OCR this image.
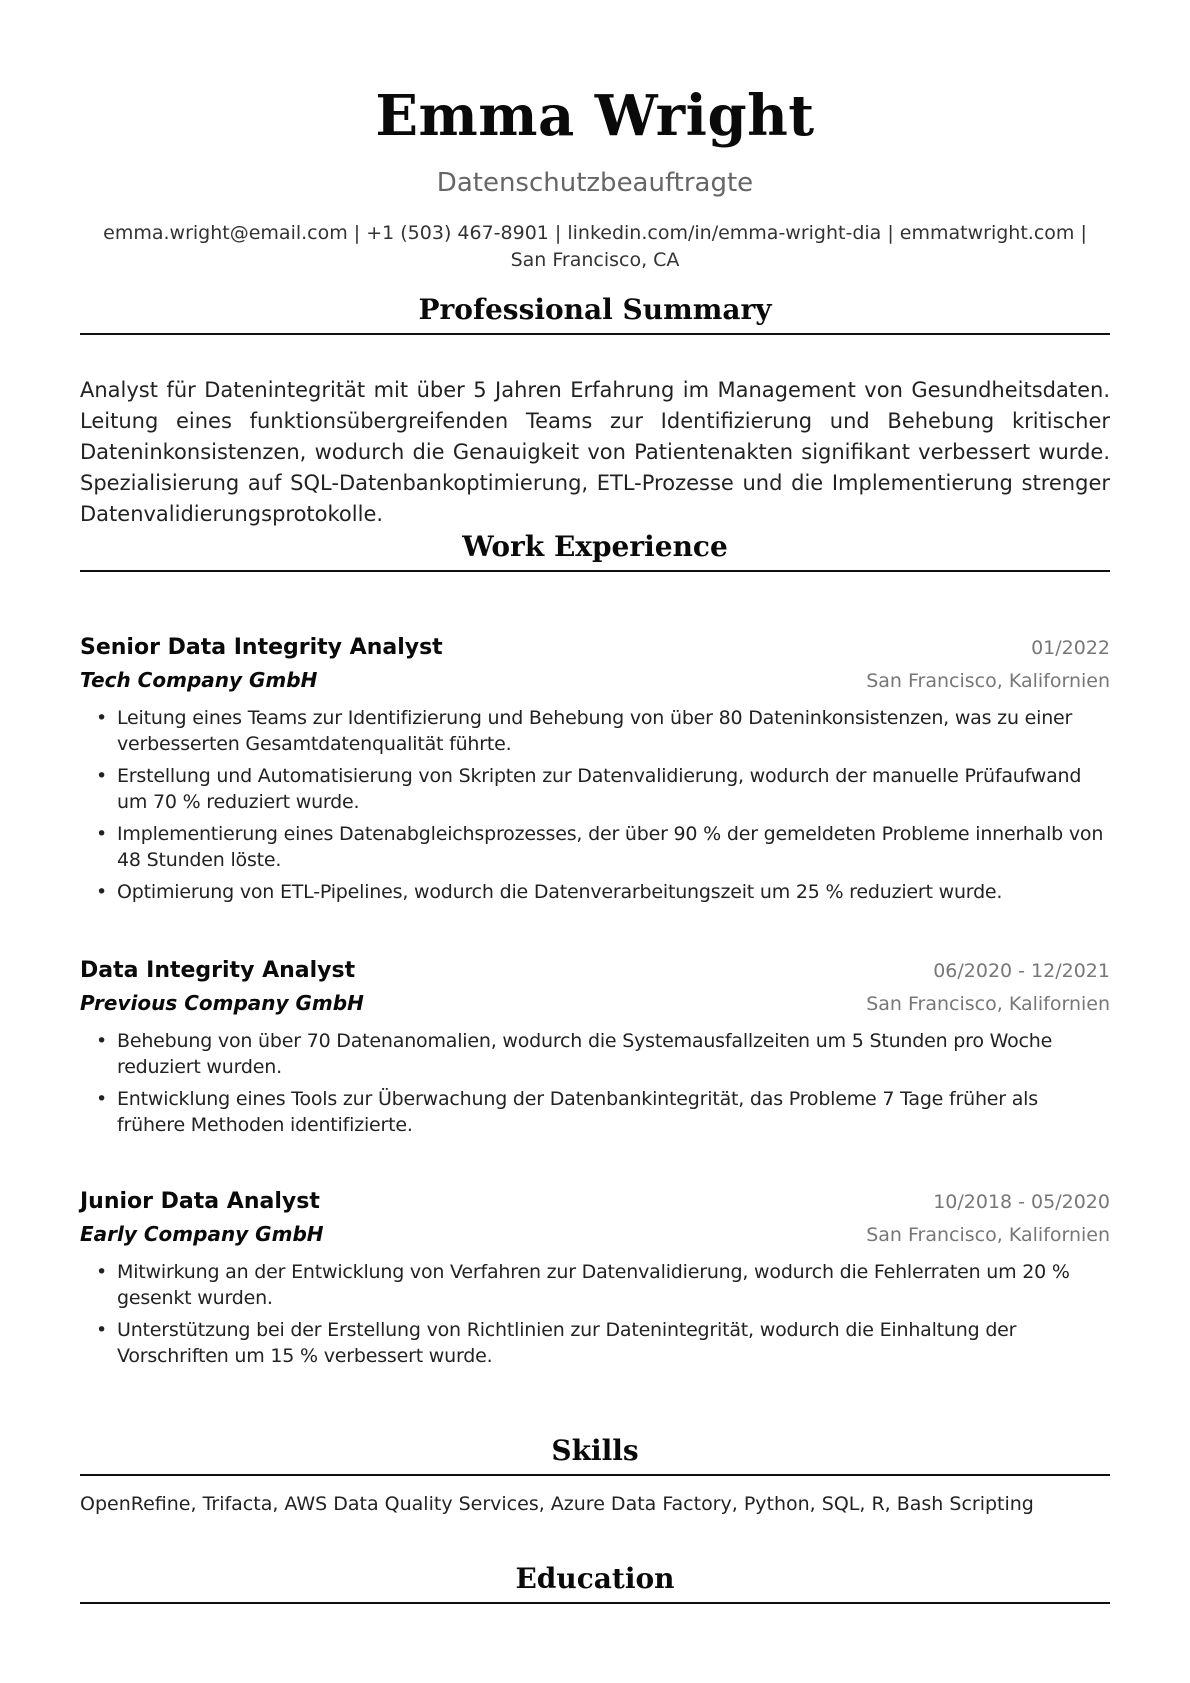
Emma Wright
Datenschutzbeauftragte
emma.wright@email.com | +1 (503) 467-8901 | linkedin.com/in/emma-wright-dia | emmatwright.com | San Francisco, CA
Professional Summary

Analyst für Datenintegrität mit über 5 Jahren Erfahrung im Management von Gesundheitsdaten. Leitung eines funktionsübergreifenden Teams zur Identifizierung und Behebung kritischer Dateninkonsistenzen, wodurch die Genauigkeit von Patientenakten signifikant verbessert wurde. Spezialisierung auf SQL-Datenbankoptimierung, ETL-Prozesse und die Implementierung strenger Datenvalidierungsprotokolle.

Work Experience
Senior Data Integrity Analyst	01/2022
Tech Company GmbH	San Francisco, Kalifornien
• Leitung eines Teams zur Identifizierung und Behebung von über 80 Dateninkonsistenzen, was zu einer verbesserten Gesamtdatenqualität führte.
• Erstellung und Automatisierung von Skripten zur Datenvalidierung, wodurch der manuelle Prüfaufwand um 70 % reduziert wurde.
• Implementierung eines Datenabgleichsprozesses, der über 90 % der gemeldeten Probleme innerhalb von 48 Stunden löste.
• Optimierung von ETL-Pipelines, wodurch die Datenverarbeitungszeit um 25 % reduziert wurde.
Data Integrity Analyst	06/2020 - 12/2021
Previous Company GmbH	San Francisco, Kalifornien
• Behebung von über 70 Datenanomalien, wodurch die Systemausfallzeiten um 5 Stunden pro Woche reduziert wurden.
• Entwicklung eines Tools zur Überwachung der Datenbankintegrität, das Probleme 7 Tage früher als frühere Methoden identifizierte.
Junior Data Analyst	10/2018 - 05/2020
Early Company GmbH	San Francisco, Kalifornien
• Mitwirkung an der Entwicklung von Verfahren zur Datenvalidierung, wodurch die Fehlerraten um 20 % gesenkt wurden.
• Unterstützung bei der Erstellung von Richtlinien zur Datenintegrität, wodurch die Einhaltung der Vorschriften um 15 % verbessert wurde.
Skills
OpenRefine, Trifacta, AWS Data Quality Services, Azure Data Factory, Python, SQL, R, Bash Scripting
Education
